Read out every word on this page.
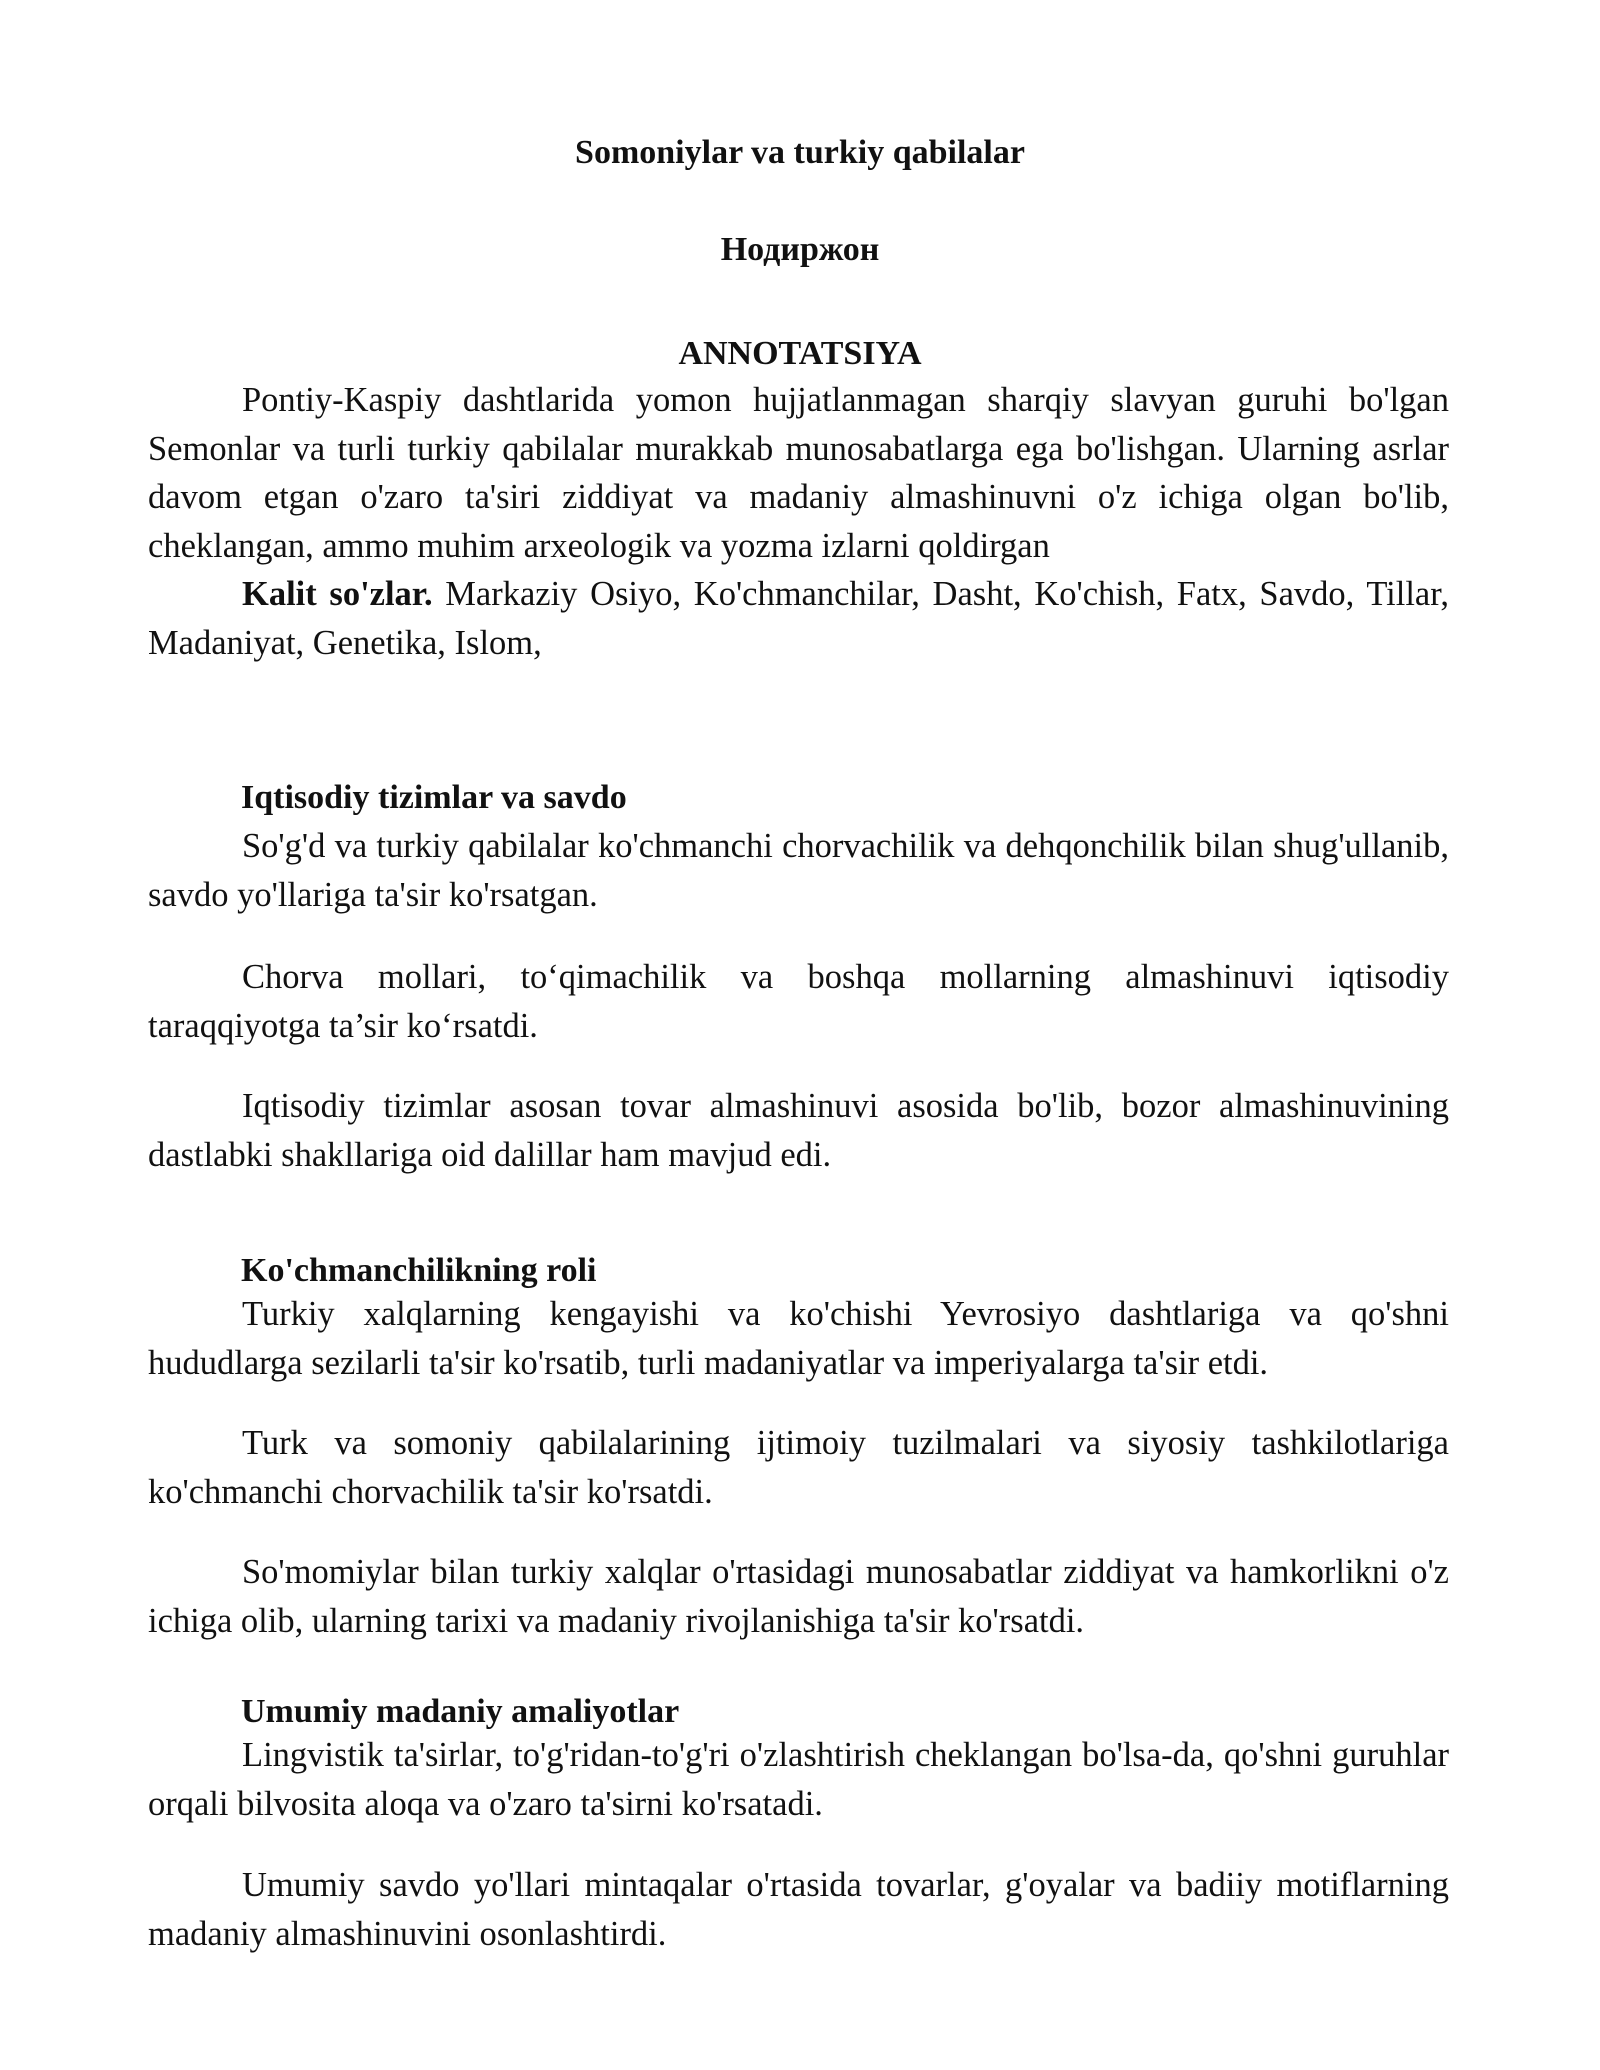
Somoniylar va turkiy qabilalar
Нодиржон
ANNOTATSIYA

Pontiy-Kaspiy dashtlarida yomon hujjatlanmagan sharqiy slavyan guruhi bo'lgan Semonlar va turli turkiy qabilalar murakkab munosabatlarga ega bo'lishgan. Ularning asrlar davom etgan o'zaro ta'siri ziddiyat va madaniy almashinuvni o'z ichiga olgan bo'lib, cheklangan, ammo muhim arxeologik va yozma izlarni qoldirgan

Kalit so'zlar. Markaziy Osiyo, Ko'chmanchilar, Dasht, Ko'chish, Fatx, Savdo, Tillar, Madaniyat, Genetika, Islom,

Iqtisodiy tizimlar va savdo

So'g'd va turkiy qabilalar ko'chmanchi chorvachilik va dehqonchilik bilan shug'ullanib, savdo yo'llariga ta'sir ko'rsatgan.

Chorva mollari, to‘qimachilik va boshqa mollarning almashinuvi iqtisodiy taraqqiyotga ta’sir ko‘rsatdi.

Iqtisodiy tizimlar asosan tovar almashinuvi asosida bo'lib, bozor almashinuvining dastlabki shakllariga oid dalillar ham mavjud edi.

Ko'chmanchilikning roli

Turkiy xalqlarning kengayishi va ko'chishi Yevrosiyo dashtlariga va qo'shni hududlarga sezilarli ta'sir ko'rsatib, turli madaniyatlar va imperiyalarga ta'sir etdi.

Turk va somoniy qabilalarining ijtimoiy tuzilmalari va siyosiy tashkilotlariga ko'chmanchi chorvachilik ta'sir ko'rsatdi.

So'momiylar bilan turkiy xalqlar o'rtasidagi munosabatlar ziddiyat va hamkorlikni o'z ichiga olib, ularning tarixi va madaniy rivojlanishiga ta'sir ko'rsatdi.

Umumiy madaniy amaliyotlar

Lingvistik ta'sirlar, to'g'ridan-to'g'ri o'zlashtirish cheklangan bo'lsa-da, qo'shni guruhlar orqali bilvosita aloqa va o'zaro ta'sirni ko'rsatadi.

Umumiy savdo yo'llari mintaqalar o'rtasida tovarlar, g'oyalar va badiiy motiflarning madaniy almashinuvini osonlashtirdi.
